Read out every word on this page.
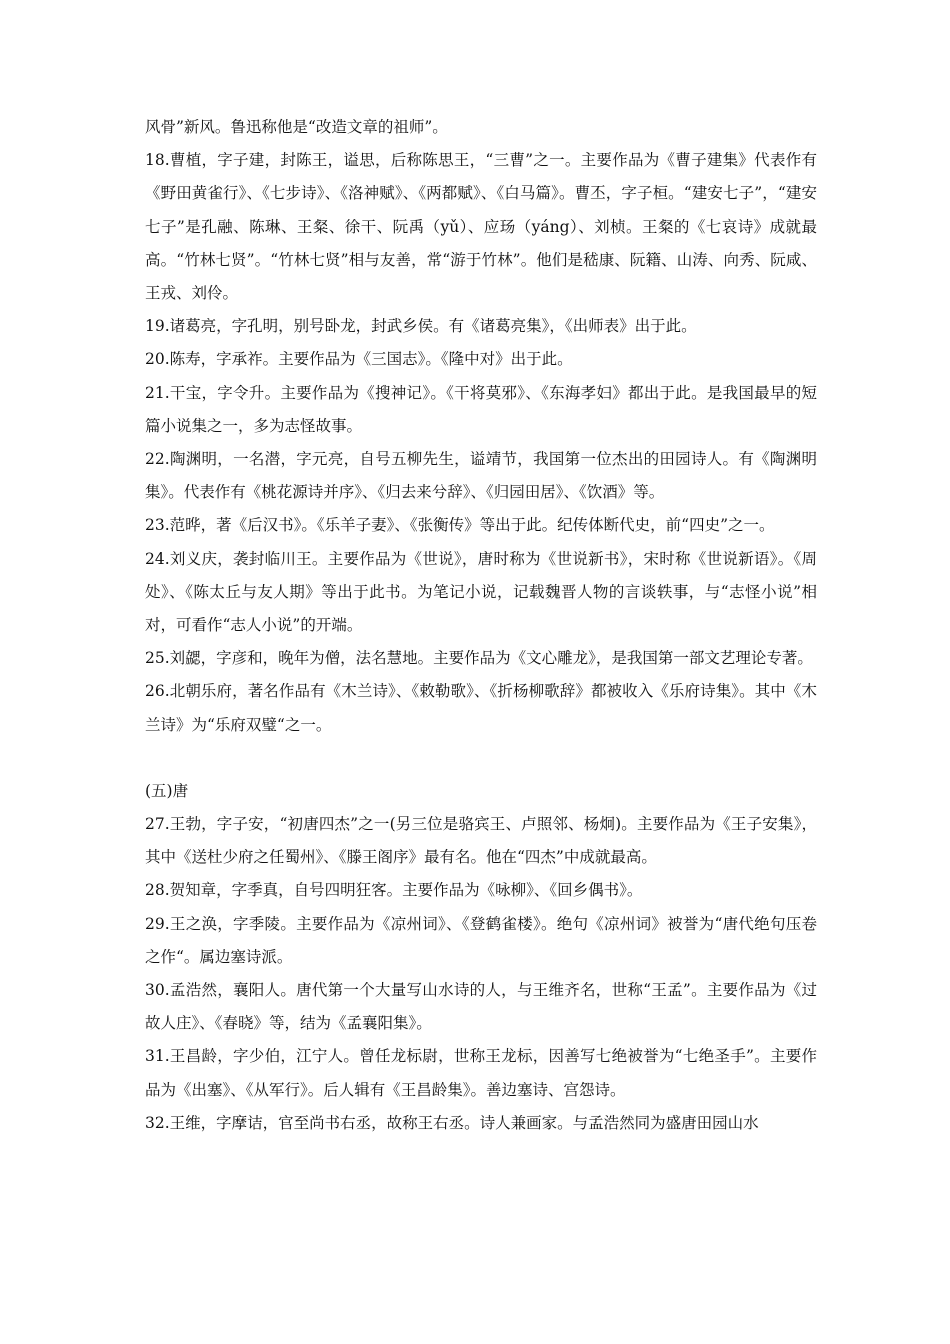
风骨”新风。鲁迅称他是“改造文章的祖师”。

18.曹植，字子建，封陈王，谥思，后称陈思王，“三曹”之一。主要作品为《曹子建集》代表作有《野田黄雀行》、《七步诗》、《洛神赋》、《两都赋》、《白马篇》。曹丕，字子桓。“建安七子”，“建安七子”是孔融、陈琳、王粲、徐干、阮禹（yǔ）、应玚（yáng）、刘桢。王粲的《七哀诗》成就最高。“竹林七贤”。“竹林七贤”相与友善，常“游于竹林”。他们是嵇康、阮籍、山涛、向秀、阮咸、王戎、刘伶。

19.诸葛亮，字孔明，别号卧龙，封武乡侯。有《诸葛亮集》，《出师表》出于此。

20.陈寿，字承祚。主要作品为《三国志》。《隆中对》出于此。

21.干宝，字令升。主要作品为《搜神记》。《干将莫邪》、《东海孝妇》都出于此。是我国最早的短篇小说集之一，多为志怪故事。

22.陶渊明，一名潜，字元亮，自号五柳先生，谥靖节，我国第一位杰出的田园诗人。有《陶渊明集》。代表作有《桃花源诗并序》、《归去来兮辞》、《归园田居》、《饮酒》等。

23.范晔，著《后汉书》。《乐羊子妻》、《张衡传》等出于此。纪传体断代史，前“四史”之一。

24.刘义庆，袭封临川王。主要作品为《世说》，唐时称为《世说新书》，宋时称《世说新语》。《周处》、《陈太丘与友人期》等出于此书。为笔记小说，记载魏晋人物的言谈轶事，与“志怪小说”相对，可看作“志人小说”的开端。

25.刘勰，字彦和，晚年为僧，法名慧地。主要作品为《文心雕龙》，是我国第一部文艺理论专著。

26.北朝乐府，著名作品有《木兰诗》、《敕勒歌》、《折杨柳歌辞》都被收入《乐府诗集》。其中《木兰诗》为“乐府双璧“之一。

(五)唐

27.王勃，字子安，“初唐四杰”之一(另三位是骆宾王、卢照邻、杨炯)。主要作品为《王子安集》，其中《送杜少府之任蜀州》、《滕王阁序》最有名。他在“四杰”中成就最高。

28.贺知章，字季真，自号四明狂客。主要作品为《咏柳》、《回乡偶书》。

29.王之涣，字季陵。主要作品为《凉州词》、《登鹤雀楼》。绝句《凉州词》被誉为“唐代绝句压卷之作“。属边塞诗派。

30.孟浩然，襄阳人。唐代第一个大量写山水诗的人，与王维齐名，世称“王孟”。主要作品为《过故人庄》、《春晓》等，结为《孟襄阳集》。

31.王昌龄，字少伯，江宁人。曾任龙标尉，世称王龙标，因善写七绝被誉为“七绝圣手”。主要作品为《出塞》、《从军行》。后人辑有《王昌龄集》。善边塞诗、宫怨诗。

32.王维，字摩诘，官至尚书右丞，故称王右丞。诗人兼画家。与孟浩然同为盛唐田园山水
